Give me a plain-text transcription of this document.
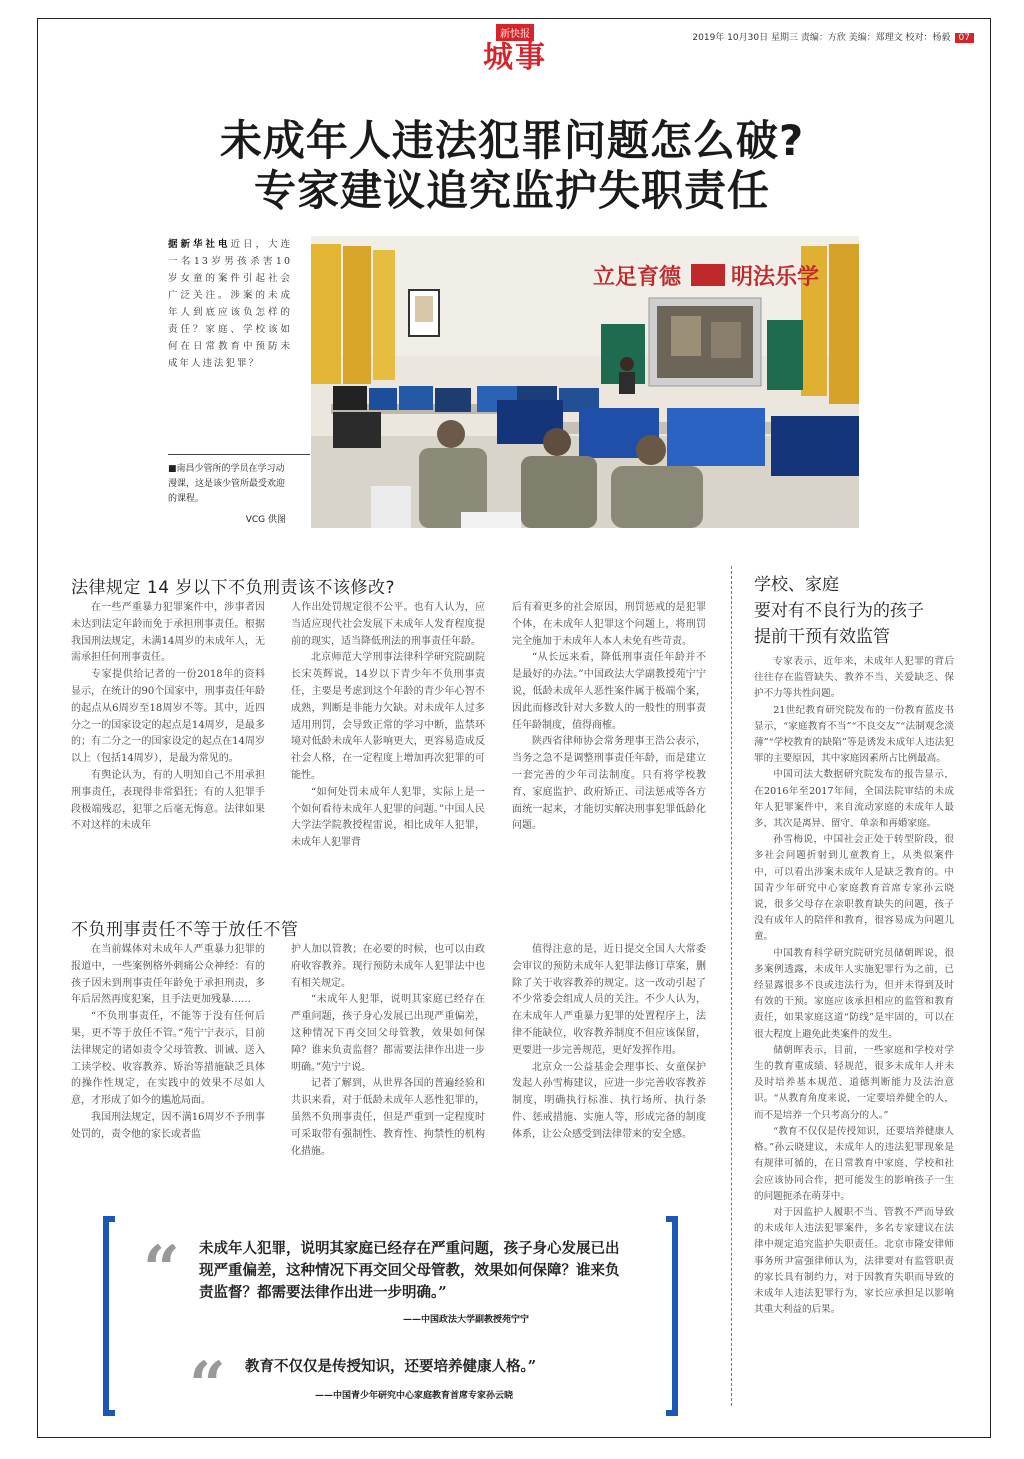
新快报
城事
2019年 10月30日 星期三 责编：方欣 美编：郑理文 校对：杨毅 07
未成年人违法犯罪问题怎么破?
专家建议追究监护失职责任
据新华社电近日，大连一名13岁男孩杀害10岁女童的案件引起社会广泛关注。涉案的未成年人到底应该负怎样的责任？家庭、学校该如何在日常教育中预防未成年人违法犯罪？
■南昌少管所的学员在学习动漫课，这是该少管所最受欢迎的课程。
VCG 供图
立足育德 明法乐学
法律规定 14 岁以下不负刑责该不该修改?

在一些严重暴力犯罪案件中，涉事者因未达到法定年龄而免于承担刑事责任。根据我国刑法规定，未满14周岁的未成年人，无需承担任何刑事责任。

专家提供给记者的一份2018年的资料显示，在统计的90个国家中，刑事责任年龄的起点从6周岁至18周岁不等。其中，近四分之一的国家设定的起点是14周岁，是最多的；有二分之一的国家设定的起点在14周岁以上（包括14周岁），是最为常见的。

有舆论认为，有的人明知自己不用承担刑事责任，表现得非常猖狂；有的人犯罪手段极端残忍，犯罪之后毫无悔意。法律如果不对这样的未成年

人作出处罚规定很不公平。也有人认为，应当适应现代社会发展下未成年人发育程度提前的现实，适当降低刑法的刑事责任年龄。

北京师范大学刑事法律科学研究院副院长宋英辉说，14岁以下青少年不负刑事责任，主要是考虑到这个年龄的青少年心智不成熟，判断是非能力欠缺。对未成年人过多适用刑罚，会导致正常的学习中断，监禁环境对低龄未成年人影响更大，更容易造成反社会人格，在一定程度上增加再次犯罪的可能性。

“如何处罚未成年人犯罪，实际上是一个如何看待未成年人犯罪的问题。”中国人民大学法学院教授程雷说，相比成年人犯罪，未成年人犯罪背

后有着更多的社会原因，刑罚惩戒的是犯罪个体，在未成年人犯罪这个问题上，将刑罚完全施加于未成年人本人未免有些苛责。

“从长远来看，降低刑事责任年龄并不是最好的办法。”中国政法大学副教授苑宁宁说，低龄未成年人恶性案件属于极端个案，因此而修改针对大多数人的一般性的刑事责任年龄制度，值得商榷。

陕西省律师协会常务理事王浩公表示，当务之急不是调整刑事责任年龄，而是建立一套完善的少年司法制度。只有将学校教育、家庭监护、政府矫正、司法惩戒等各方面统一起来，才能切实解决刑事犯罪低龄化问题。

不负刑事责任不等于放任不管

在当前媒体对未成年人严重暴力犯罪的报道中，一些案例格外刺痛公众神经：有的孩子因未到刑事责任年龄免于承担刑责，多年后居然再度犯案，且手法更加残暴……

“不负刑事责任，不能等于没有任何后果，更不等于放任不管。”苑宁宁表示，目前法律规定的诸如责令父母管教、训诫、送入工读学校、收容教养、矫治等措施缺乏具体的操作性规定，在实践中的效果不尽如人意，才形成了如今的尴尬局面。

我国刑法规定，因不满16周岁不予刑事处罚的，责令他的家长或者监

护人加以管教；在必要的时候，也可以由政府收容教养。现行预防未成年人犯罪法中也有相关规定。

“未成年人犯罪，说明其家庭已经存在严重问题，孩子身心发展已出现严重偏差，这种情况下再交回父母管教，效果如何保障？谁来负责监督？都需要法律作出进一步明确。”苑宁宁说。

记者了解到，从世界各国的普遍经验和共识来看，对于低龄未成年人恶性犯罪的，虽然不负刑事责任，但是严重到一定程度时可采取带有强制性、教育性、拘禁性的机构化措施。

值得注意的是，近日提交全国人大常委会审议的预防未成年人犯罪法修订草案，删除了关于收容教养的规定。这一改动引起了不少常委会组成人员的关注。不少人认为，在未成年人严重暴力犯罪的处置程序上，法律不能缺位，收容教养制度不但应该保留，更要进一步完善规范，更好发挥作用。

北京众一公益基金会理事长、女童保护发起人孙雪梅建议，应进一步完善收容教养制度，明确执行标准、执行场所、执行条件、惩戒措施、实施人等，形成完备的制度体系，让公众感受到法律带来的安全感。

学校、家庭
要对有不良行为的孩子
提前干预有效监管

专家表示，近年来，未成年人犯罪的背后往往存在监管缺失、教养不当、关爱缺乏、保护不力等共性问题。

21世纪教育研究院发布的一份教育蓝皮书显示，“家庭教育不当”“不良交友”“法制观念淡薄”“学校教育的缺陷”等是诱发未成年人违法犯罪的主要原因，其中家庭因素所占比例最高。

中国司法大数据研究院发布的报告显示，在2016年至2017年间，全国法院审结的未成年人犯罪案件中，来自流动家庭的未成年人最多，其次是离异、留守、单亲和再婚家庭。

孙雪梅说，中国社会正处于转型阶段，很多社会问题折射到儿童教育上，从类似案件中，可以看出涉案未成年人是缺乏教育的。中国青少年研究中心家庭教育首席专家孙云晓说，很多父母存在亲职教育缺失的问题，孩子没有成年人的陪伴和教育，很容易成为问题儿童。

中国教育科学研究院研究员储朝晖说，很多案例透露，未成年人实施犯罪行为之前，已经显露很多不良或违法行为，但并未得到及时有效的干预。家庭应该承担相应的监管和教育责任，如果家庭这道“防线”是牢固的，可以在很大程度上避免此类案件的发生。

储朝晖表示，目前，一些家庭和学校对学生的教育重成绩、轻规范，很多未成年人并未及时培养基本规范、道德判断能力及法治意识。“从教育角度来说，一定要培养健全的人，而不是培养一个只考高分的人。”

“教育不仅仅是传授知识，还要培养健康人格。”孙云晓建议，未成年人的违法犯罪现象是有规律可循的，在日常教育中家庭、学校和社会应该协同合作，把可能发生的影响孩子一生的问题扼杀在萌芽中。

对于因监护人履职不当、管教不严而导致的未成年人违法犯罪案件，多名专家建议在法律中规定追究监护失职责任。北京市隆安律师事务所尹富强律师认为，法律要对有监管职责的家长具有制约力，对于因教育失职而导致的未成年人违法犯罪行为，家长应承担足以影响其重大利益的后果。

“ 未成年人犯罪，说明其家庭已经存在严重问题，孩子身心发展已出现严重偏差，这种情况下再交回父母管教，效果如何保障？谁来负责监督？都需要法律作出进一步明确。”
——中国政法大学副教授苑宁宁
“ 教育不仅仅是传授知识，还要培养健康人格。”
——中国青少年研究中心家庭教育首席专家孙云晓
